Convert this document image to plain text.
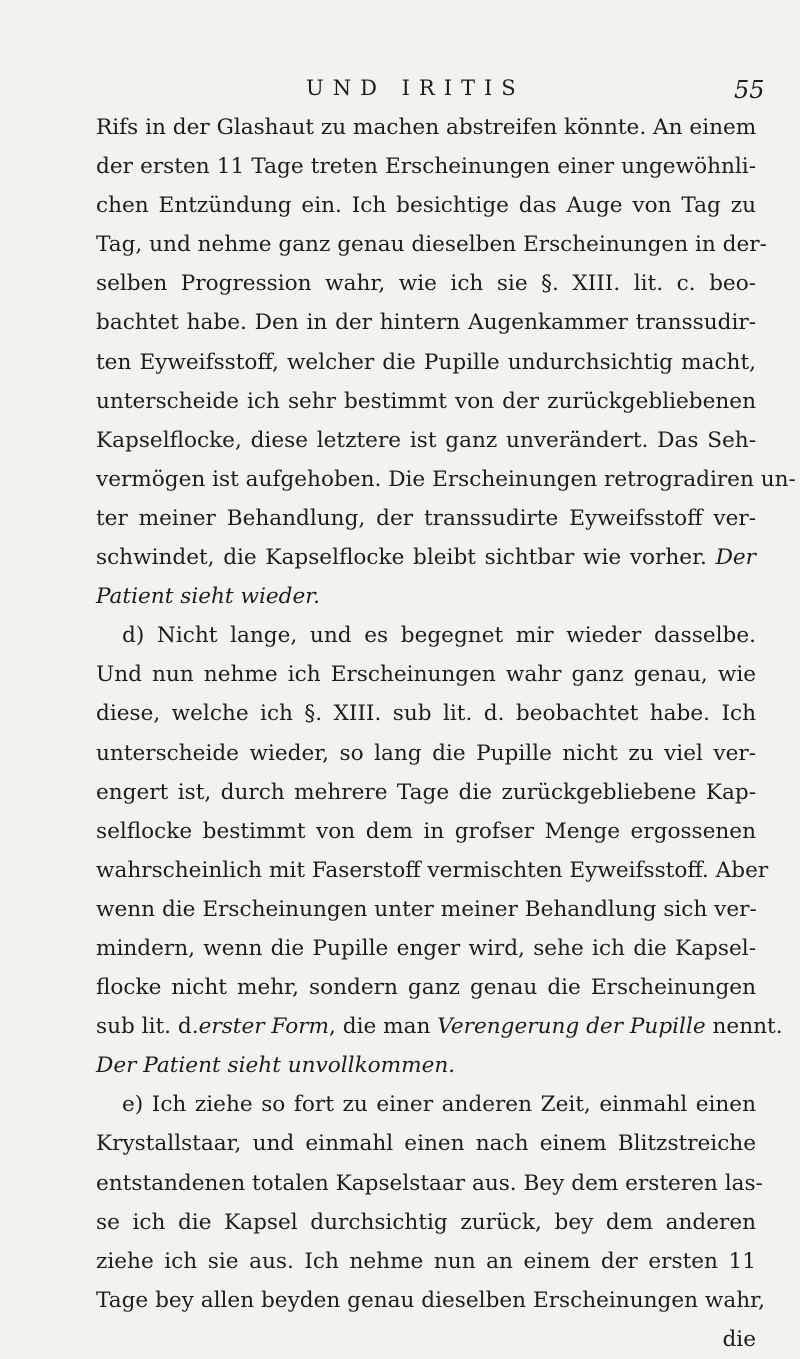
UND IRITIS	55
Rifs in der Glashaut zu machen abstreifen könnte. An einem
der ersten 11 Tage treten Erscheinungen einer ungewöhnli-
chen Entzündung ein. Ich besichtige das Auge von Tag zu
Tag, und nehme ganz genau dieselben Erscheinungen in der-
selben Progression wahr, wie ich sie §. XIII. lit. c. beo-
bachtet habe. Den in der hintern Augenkammer transsudir-
ten Eyweifsstoff, welcher die Pupille undurchsichtig macht,
unterscheide ich sehr bestimmt von der zurückgebliebenen
Kapselflocke, diese letztere ist ganz unverändert. Das Seh-
vermögen ist aufgehoben. Die Erscheinungen retrogradiren un-
ter meiner Behandlung, der transsudirte Eyweifsstoff ver-
schwindet, die Kapselflocke bleibt sichtbar wie vorher. Der
Patient sieht wieder.
d) Nicht lange, und es begegnet mir wieder dasselbe.
Und nun nehme ich Erscheinungen wahr ganz genau, wie
diese, welche ich §. XIII. sub lit. d. beobachtet habe. Ich
unterscheide wieder, so lang die Pupille nicht zu viel ver-
engert ist, durch mehrere Tage die zurückgebliebene Kap-
selflocke bestimmt von dem in grofser Menge ergossenen
wahrscheinlich mit Faserstoff vermischten Eyweifsstoff. Aber
wenn die Erscheinungen unter meiner Behandlung sich ver-
mindern, wenn die Pupille enger wird, sehe ich die Kapsel-
flocke nicht mehr, sondern ganz genau die Erscheinungen
sub lit. d.erster Form, die man Verengerung der Pupille nennt.
Der Patient sieht unvollkommen.
e) Ich ziehe so fort zu einer anderen Zeit, einmahl einen
Krystallstaar, und einmahl einen nach einem Blitzstreiche
entstandenen totalen Kapselstaar aus. Bey dem ersteren las-
se ich die Kapsel durchsichtig zurück, bey dem anderen
ziehe ich sie aus. Ich nehme nun an einem der ersten 11
Tage bey allen beyden genau dieselben Erscheinungen wahr,
die
